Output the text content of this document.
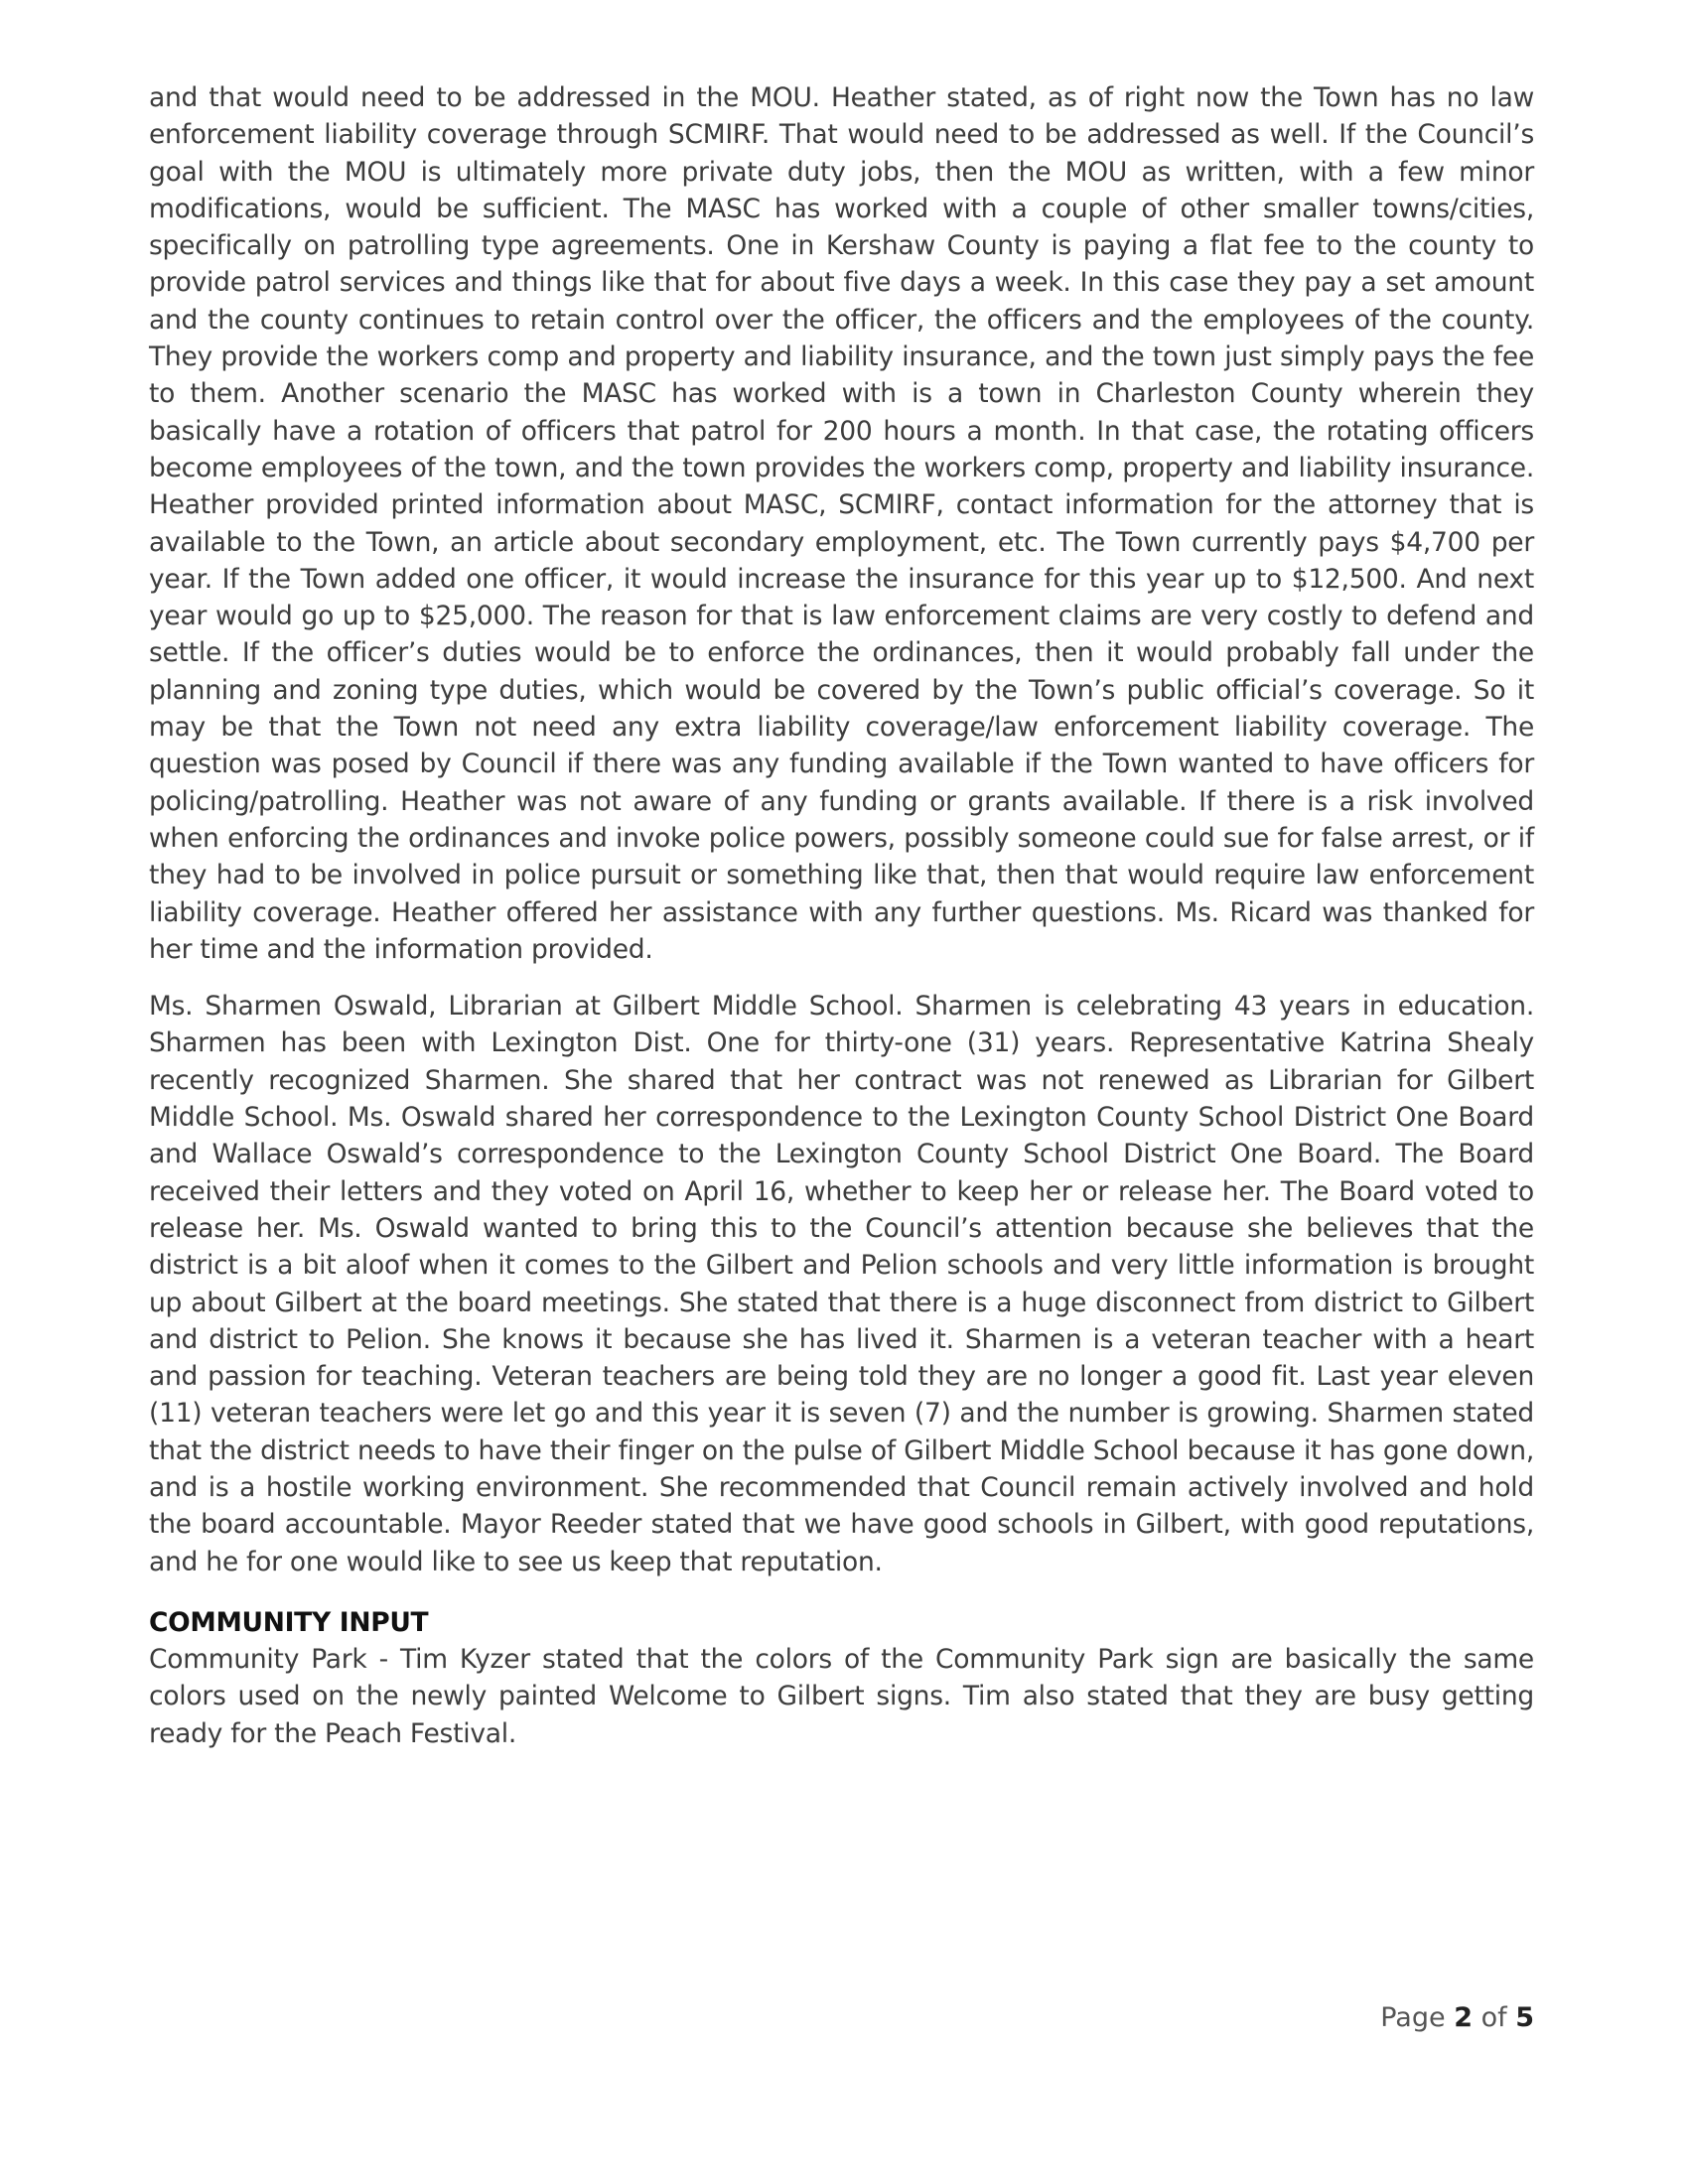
and that would need to be addressed in the MOU. Heather stated, as of right now the Town has no law enforcement liability coverage through SCMIRF. That would need to be addressed as well. If the Council’s goal with the MOU is ultimately more private duty jobs, then the MOU as written, with a few minor modifications, would be sufficient. The MASC has worked with a couple of other smaller towns/cities, specifically on patrolling type agreements. One in Kershaw County is paying a flat fee to the county to provide patrol services and things like that for about five days a week. In this case they pay a set amount and the county continues to retain control over the officer, the officers and the employees of the county. They provide the workers comp and property and liability insurance, and the town just simply pays the fee to them. Another scenario the MASC has worked with is a town in Charleston County wherein they basically have a rotation of officers that patrol for 200 hours a month. In that case, the rotating officers become employees of the town, and the town provides the workers comp, property and liability insurance. Heather provided printed information about MASC, SCMIRF, contact information for the attorney that is available to the Town, an article about secondary employment, etc. The Town currently pays $4,700 per year. If the Town added one officer, it would increase the insurance for this year up to $12,500. And next year would go up to $25,000. The reason for that is law enforcement claims are very costly to defend and settle. If the officer’s duties would be to enforce the ordinances, then it would probably fall under the planning and zoning type duties, which would be covered by the Town’s public official’s coverage. So it may be that the Town not need any extra liability coverage/law enforcement liability coverage. The question was posed by Council if there was any funding available if the Town wanted to have officers for policing/patrolling. Heather was not aware of any funding or grants available. If there is a risk involved when enforcing the ordinances and invoke police powers, possibly someone could sue for false arrest, or if they had to be involved in police pursuit or something like that, then that would require law enforcement liability coverage. Heather offered her assistance with any further questions. Ms. Ricard was thanked for her time and the information provided.

Ms. Sharmen Oswald, Librarian at Gilbert Middle School. Sharmen is celebrating 43 years in education. Sharmen has been with Lexington Dist. One for thirty-one (31) years. Representative Katrina Shealy recently recognized Sharmen. She shared that her contract was not renewed as Librarian for Gilbert Middle School. Ms. Oswald shared her correspondence to the Lexington County School District One Board and Wallace Oswald’s correspondence to the Lexington County School District One Board. The Board received their letters and they voted on April 16, whether to keep her or release her. The Board voted to release her. Ms. Oswald wanted to bring this to the Council’s attention because she believes that the district is a bit aloof when it comes to the Gilbert and Pelion schools and very little information is brought up about Gilbert at the board meetings. She stated that there is a huge disconnect from district to Gilbert and district to Pelion. She knows it because she has lived it. Sharmen is a veteran teacher with a heart and passion for teaching. Veteran teachers are being told they are no longer a good fit. Last year eleven (11) veteran teachers were let go and this year it is seven (7) and the number is growing. Sharmen stated that the district needs to have their finger on the pulse of Gilbert Middle School because it has gone down, and is a hostile working environment. She recommended that Council remain actively involved and hold the board accountable. Mayor Reeder stated that we have good schools in Gilbert, with good reputations, and he for one would like to see us keep that reputation.

COMMUNITY INPUT

Community Park - Tim Kyzer stated that the colors of the Community Park sign are basically the same colors used on the newly painted Welcome to Gilbert signs. Tim also stated that they are busy getting ready for the Peach Festival.

Page 2 of 5
